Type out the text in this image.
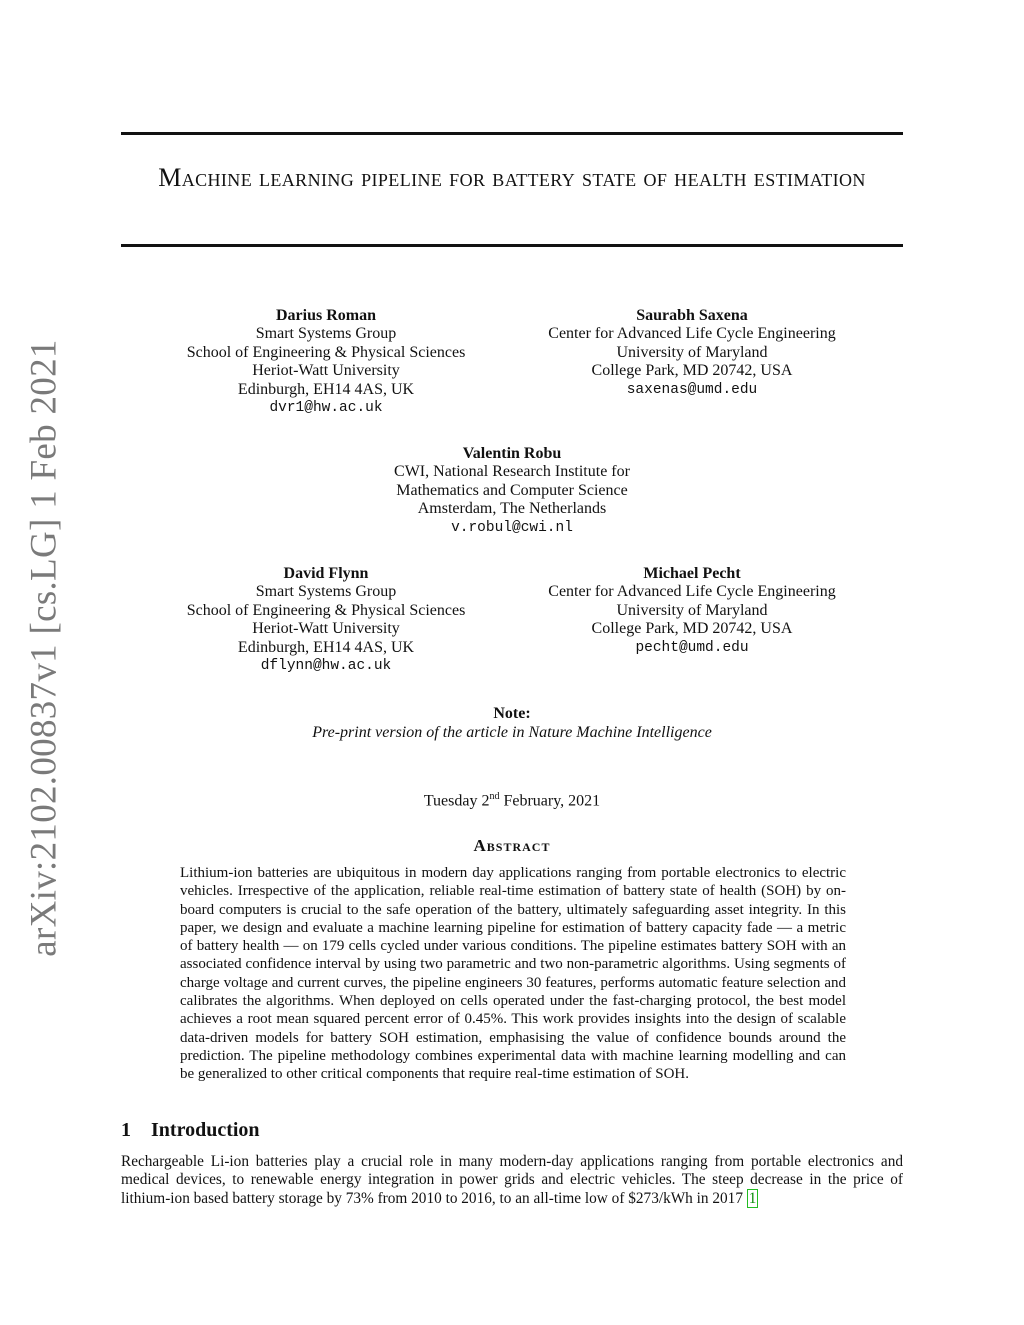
arXiv:2102.00837v1 [cs.LG] 1 Feb 2021
Machine learning pipeline for battery state of health estimation
Darius Roman
Smart Systems Group
School of Engineering & Physical Sciences
Heriot-Watt University
Edinburgh, EH14 4AS, UK
dvr1@hw.ac.uk
Saurabh Saxena
Center for Advanced Life Cycle Engineering
University of Maryland
College Park, MD 20742, USA
saxenas@umd.edu
Valentin Robu
CWI, National Research Institute for
Mathematics and Computer Science
Amsterdam, The Netherlands
v.robul@cwi.nl
David Flynn
Smart Systems Group
School of Engineering & Physical Sciences
Heriot-Watt University
Edinburgh, EH14 4AS, UK
dflynn@hw.ac.uk
Michael Pecht
Center for Advanced Life Cycle Engineering
University of Maryland
College Park, MD 20742, USA
pecht@umd.edu
Note:
Pre-print version of the article in Nature Machine Intelligence
Tuesday 2nd February, 2021
Abstract
Lithium-ion batteries are ubiquitous in modern day applications ranging from portable electronics to electric vehicles. Irrespective of the application, reliable real-time estimation of battery state of health (SOH) by on-board computers is crucial to the safe operation of the battery, ultimately safeguarding asset integrity. In this paper, we design and evaluate a machine learning pipeline for estimation of battery capacity fade — a metric of battery health — on 179 cells cycled under various conditions. The pipeline estimates battery SOH with an associated confidence interval by using two parametric and two non-parametric algorithms. Using segments of charge voltage and current curves, the pipeline engineers 30 features, performs automatic feature selection and calibrates the algorithms. When deployed on cells operated under the fast-charging protocol, the best model achieves a root mean squared percent error of 0.45%. This work provides insights into the design of scalable data-driven models for battery SOH estimation, emphasising the value of confidence bounds around the prediction. The pipeline methodology combines experimental data with machine learning modelling and can be generalized to other critical components that require real-time estimation of SOH.
1 Introduction
Rechargeable Li-ion batteries play a crucial role in many modern-day applications ranging from portable electronics and medical devices, to renewable energy integration in power grids and electric vehicles. The steep decrease in the price of lithium-ion based battery storage by 73% from 2010 to 2016, to an all-time low of $273/kWh in 2017 1
